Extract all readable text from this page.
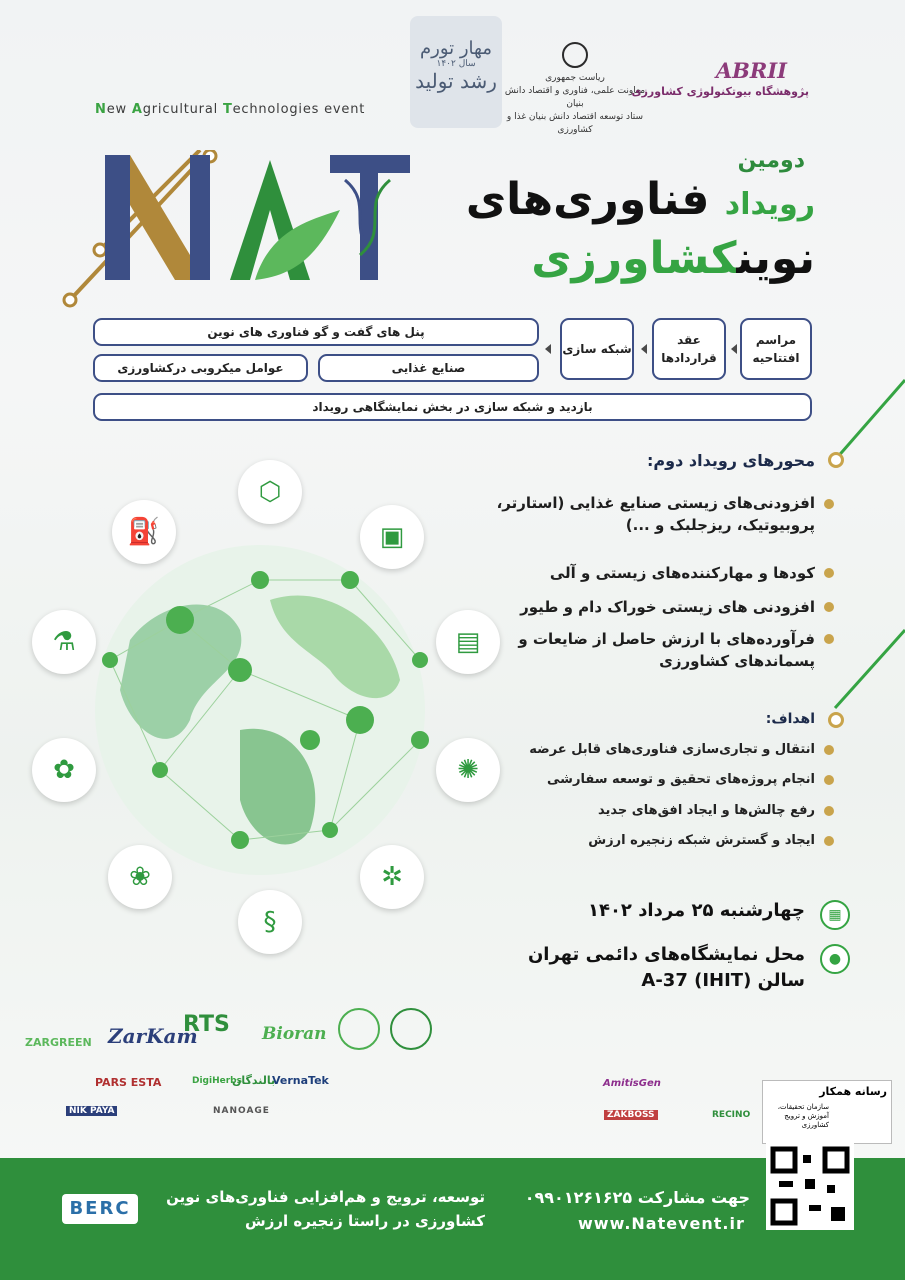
New Agricultural Technologies event
مهار تورم
سال ۱۴۰۲
رشد تولید	ریاست جمهوری
معاونت علمی، فناوری و اقتصاد دانش بنیان
ستاد توسعه اقتصاد دانش بنیان غذا و کشاورزی
ABRII
پژوهشگاه بیوتکنولوژی کشاورزی
دومین
رویداد فناوری‌های
نوینکشاورزی
مراسم افتتاحیه
عقد قراردادها
شبکه سازی
پنل های گفت و گو فناوری های نوین
صنایع غذایی
عوامل میکروبی درکشاورزی
بازدید و شبکه سازی در بخش نمایشگاهی رویداد
محورهای رویداد دوم:
افزودنی‌های زیستی صنایع غذایی (استارتر، پروبیوتیک، ریزجلبک و ...)
کودها و مهارکننده‌های زیستی و آلی
افزودنی های زیستی خوراک دام و طیور
فرآورده‌های با ارزش حاصل از ضایعات و پسماندهای کشاورزی
اهداف:
انتقال و تجاری‌سازی فناوری‌های قابل عرضه
انجام پروژه‌های تحقیق و توسعه سفارشی
رفع چالش‌ها و ایجاد افق‌های جدید
ایجاد و گسترش شبکه زنجیره ارزش
▦
چهارشنبه ۲۵ مرداد ۱۴۰۲
●
محل نمایشگاه‌های دائمی تهران
سالن A-37 (IHIT)
⬡
⛽	▣
⚗	▤
✿	✺
❀	✲
§
ZARGREEN ZarKam
RTS Bioran
PARS ESTA	DigiHerbs
بالندگان
VernaTek	AmitisGen
NIK PAYA	NANOAGE	ZAKBOSS	RECINO
رسانه همکار
سازمان تحقیقات، آموزش و ترویج کشاورزی
جهت مشارکت ۰۹۹۰۱۲۶۱۶۲۵
www.Natevent.ir
توسعه، ترویج و هم‌افزایی فناوری‌های نوین
کشاورزی در راستا زنجیره ارزش
BERC
